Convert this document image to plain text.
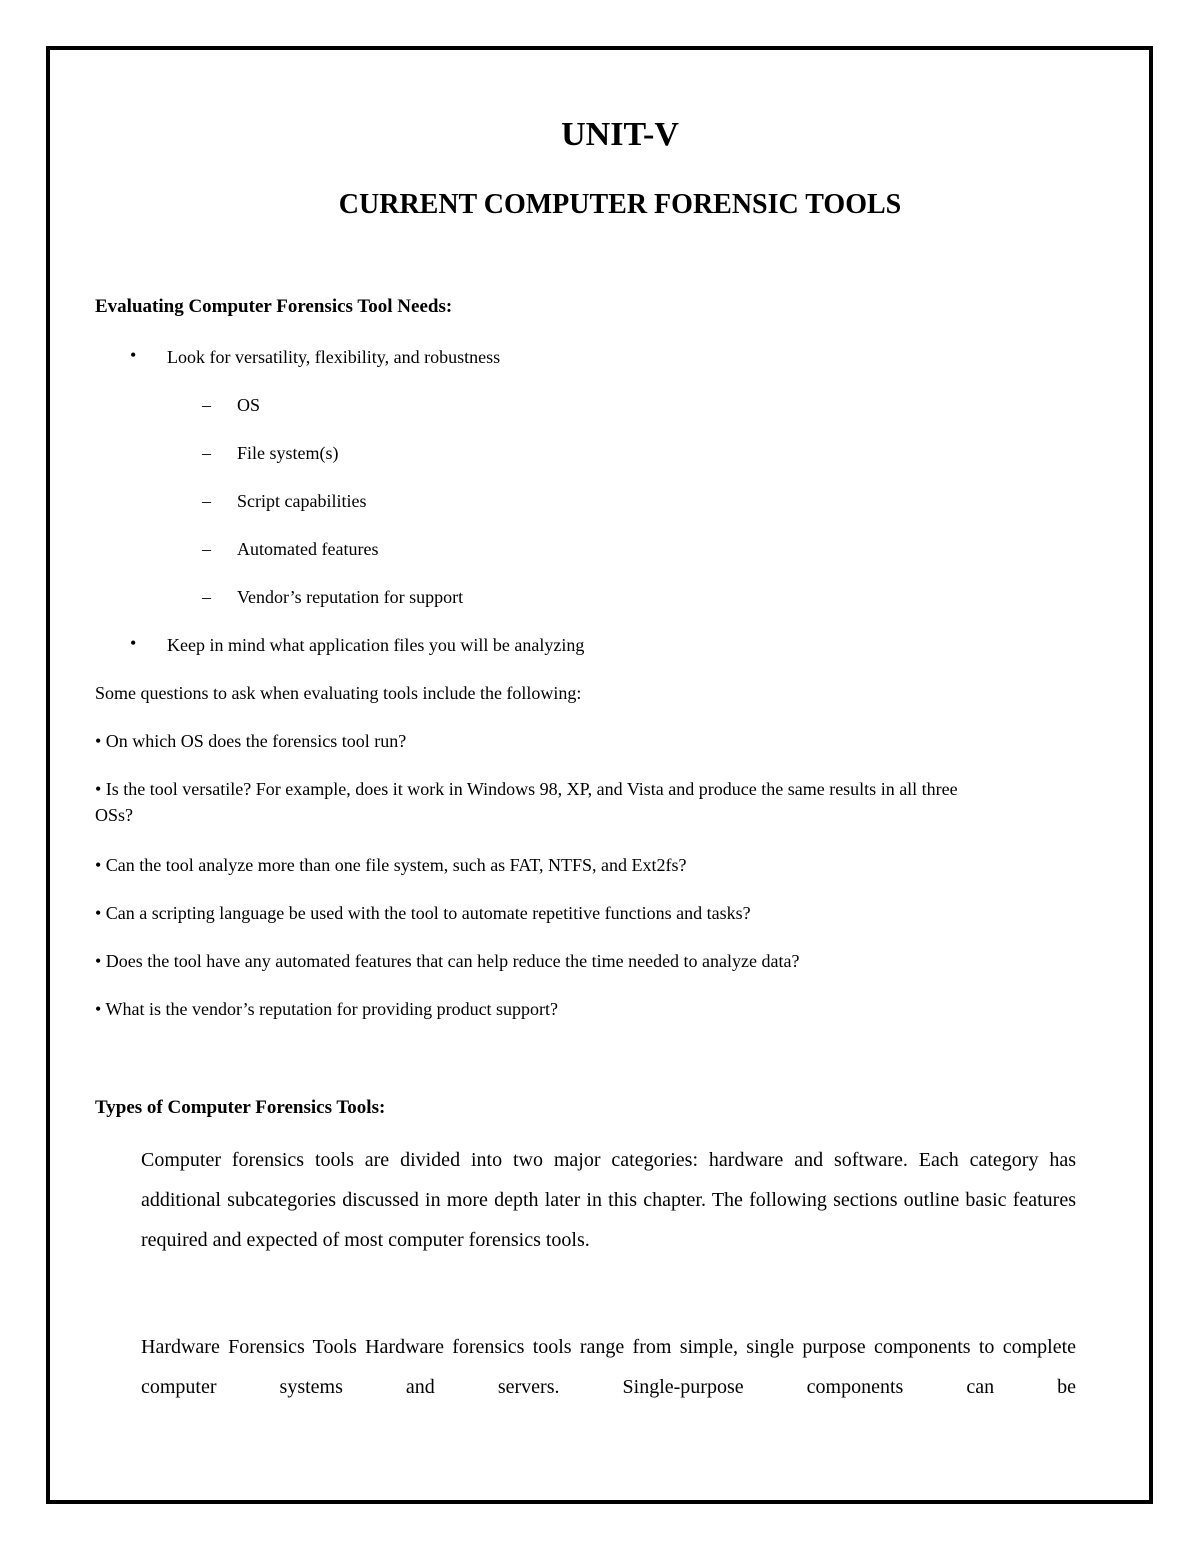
UNIT-V
CURRENT COMPUTER FORENSIC TOOLS
Evaluating Computer Forensics Tool Needs:
• Look for versatility, flexibility, and robustness
– OS
– File system(s)
– Script capabilities
– Automated features
– Vendor’s reputation for support
• Keep in mind what application files you will be analyzing
Some questions to ask when evaluating tools include the following:
• On which OS does the forensics tool run?
• Is the tool versatile? For example, does it work in Windows 98, XP, and Vista and produce the same results in all three
OSs?
• Can the tool analyze more than one file system, such as FAT, NTFS, and Ext2fs?
• Can a scripting language be used with the tool to automate repetitive functions and tasks?
• Does the tool have any automated features that can help reduce the time needed to analyze data?
• What is the vendor’s reputation for providing product support?
Types of Computer Forensics Tools:
Computer forensics tools are divided into two major categories: hardware and software. Each category has additional subcategories discussed in more depth later in this chapter. The following sections outline basic features required and expected of most computer forensics tools.
Hardware Forensics Tools Hardware forensics tools range from simple, single purpose components to complete computer systems and servers. Single-purpose components can be
